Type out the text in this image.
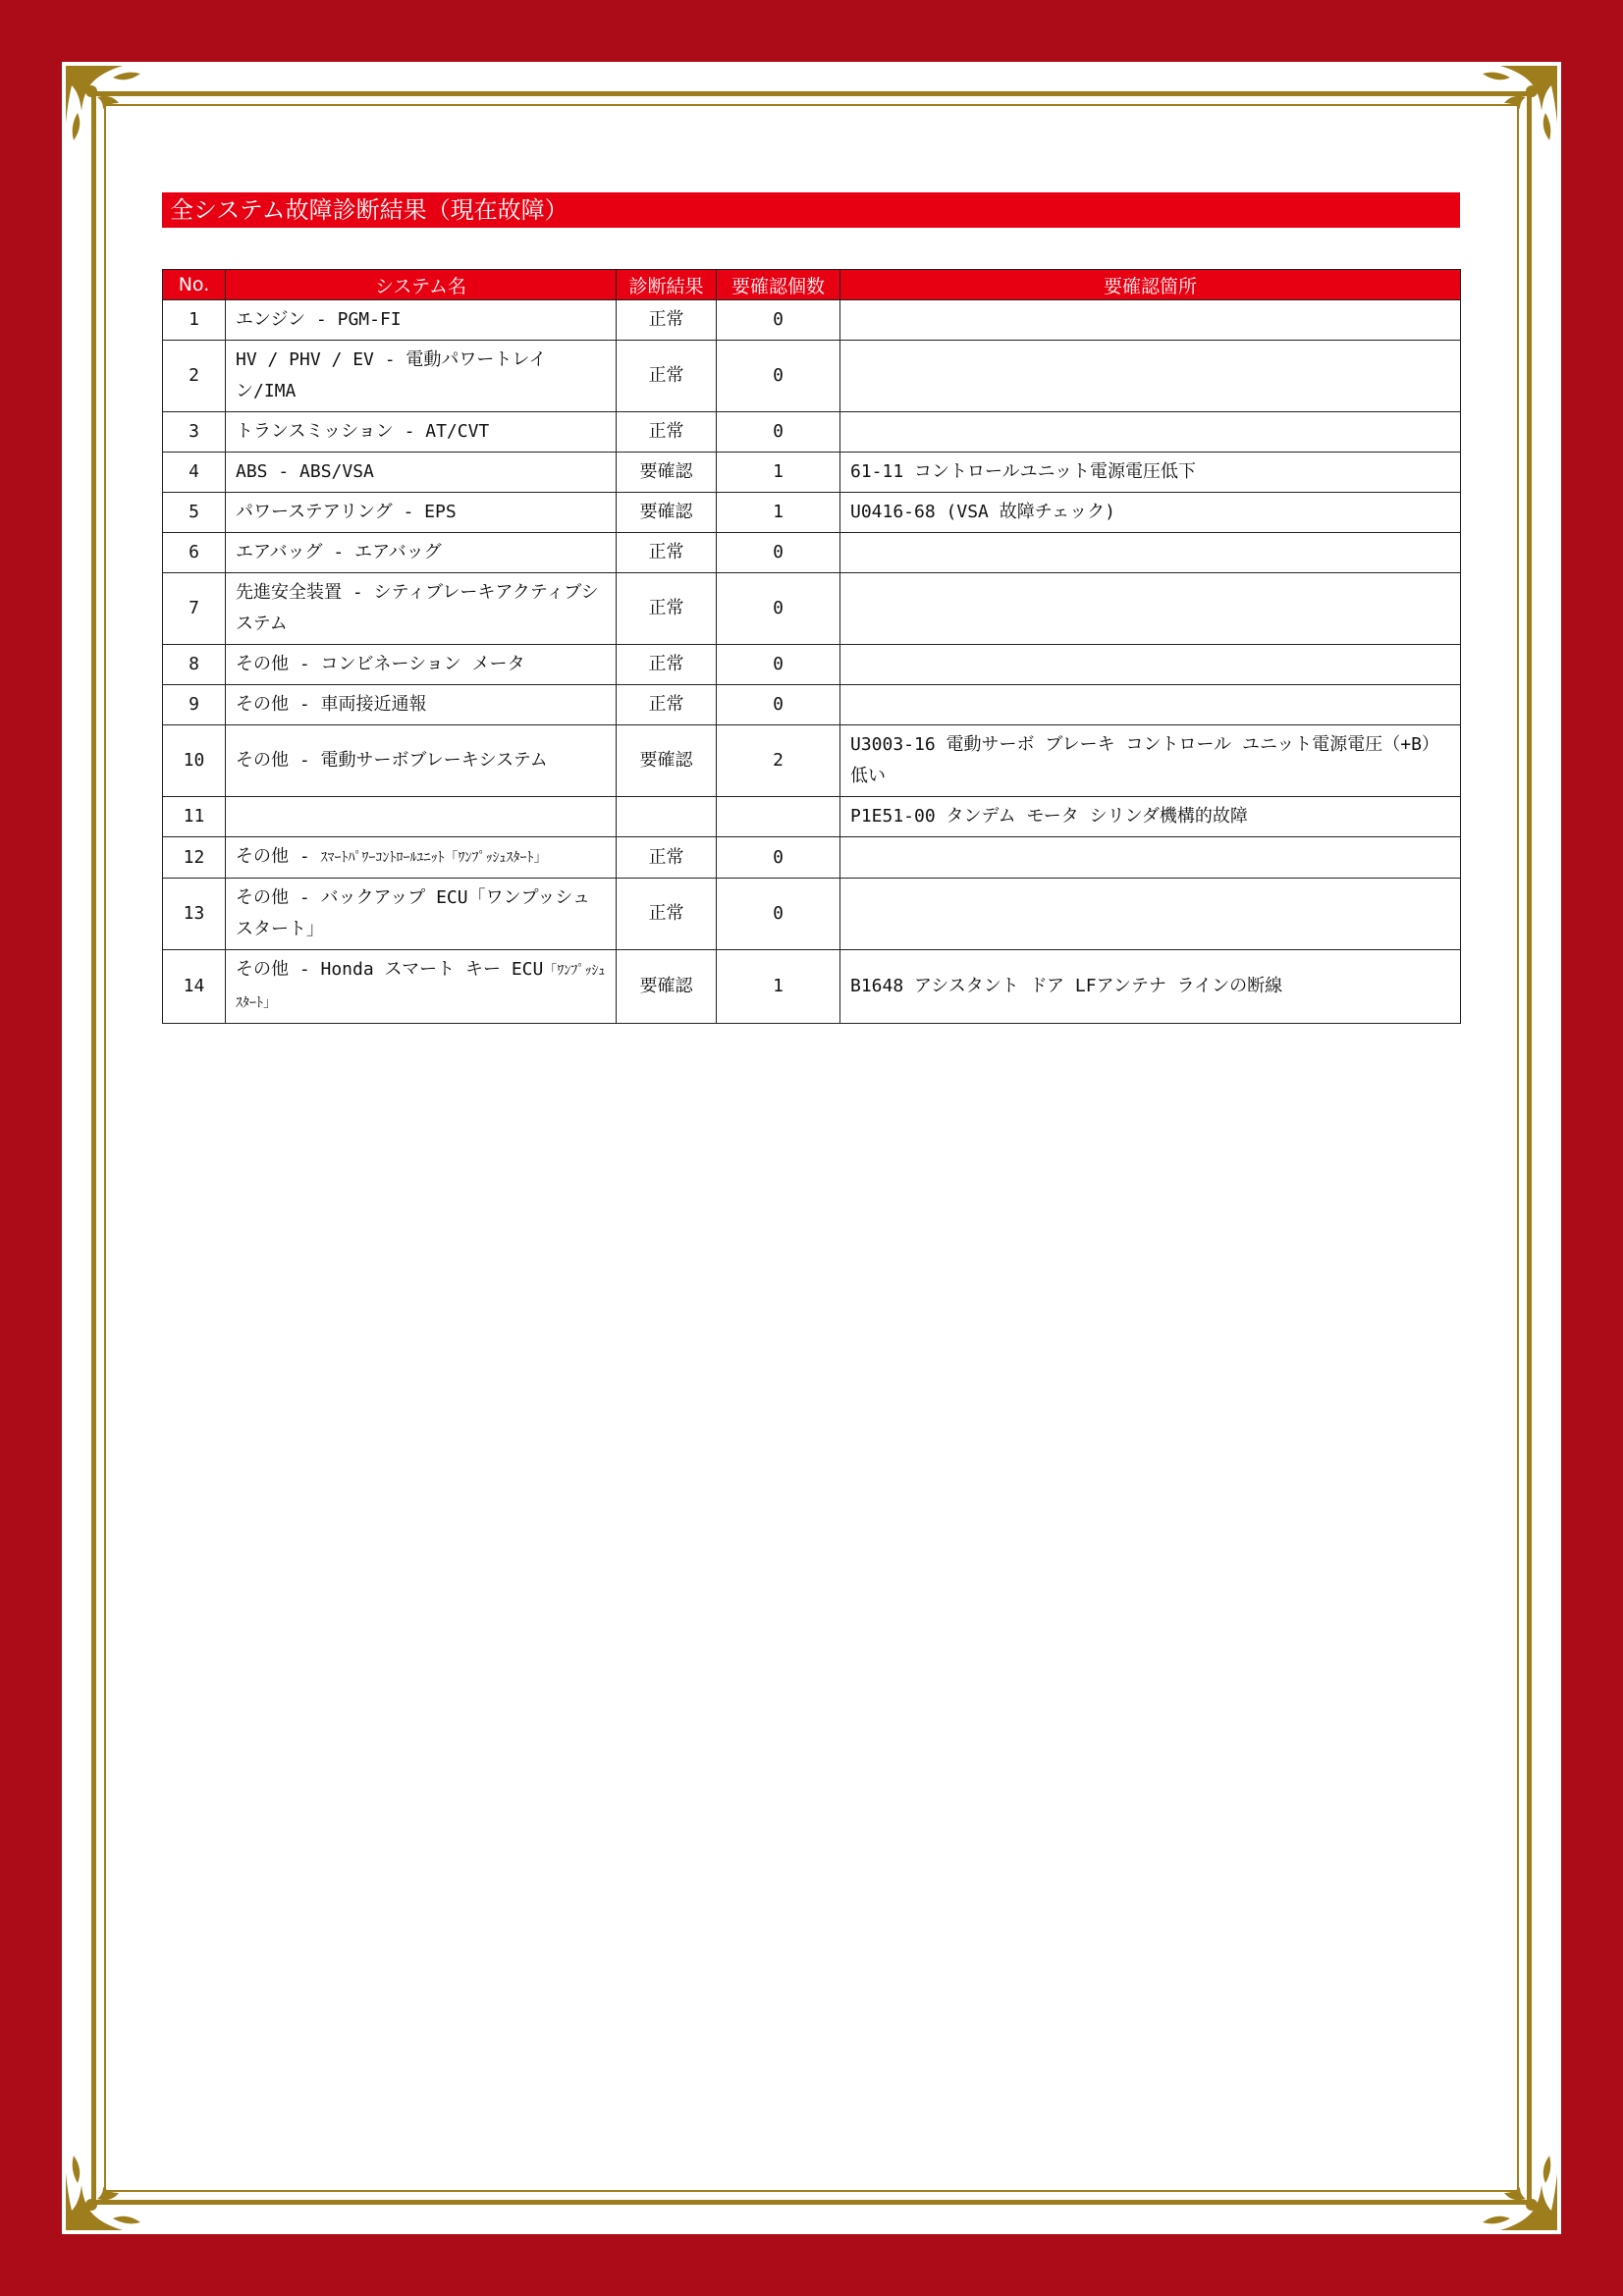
全システム故障診断結果（現在故障）
No.	システム名	診断結果	要確認個数	要確認箇所
1	エンジン - PGM-FI	正常	0	
2	HV / PHV / EV - 電動パワートレイン/IMA	正常	0	
3	トランスミッション - AT/CVT	正常	0	
4	ABS - ABS/VSA	要確認	1	61-11 コントロールユニット電源電圧低下
5	パワーステアリング - EPS	要確認	1	U0416-68 (VSA 故障チェック)
6	エアバッグ - エアバッグ	正常	0	
7	先進安全装置 - シティブレーキアクティブシステム	正常	0	
8	その他 - コンビネーション メータ	正常	0	
9	その他 - 車両接近通報	正常	0	
10	その他 - 電動サーボブレーキシステム	要確認	2	U3003-16 電動サーボ ブレーキ コントロール ユニット電源電圧（+B）低い
11				P1E51-00 タンデム モータ シリンダ機構的故障
12	その他 - ｽﾏｰﾄﾊﾟﾜｰｺﾝﾄﾛｰﾙﾕﾆｯﾄ「ﾜﾝﾌﾟｯｼｭｽﾀｰﾄ」	正常	0	
13	その他 - バックアップ ECU「ワンプッシュスタート」	正常	0	
14	その他 - Honda スマート キー ECU「ﾜﾝﾌﾟｯｼｭｽﾀｰﾄ」	要確認	1	B1648 アシスタント ドア LFアンテナ ラインの断線
